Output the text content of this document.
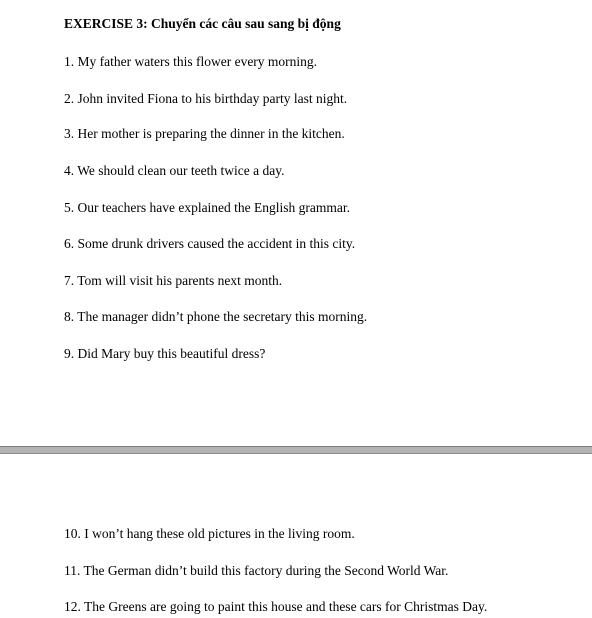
EXERCISE 3: Chuyển các câu sau sang bị động
1. My father waters this flower every morning.
2. John invited Fiona to his birthday party last night.
3. Her mother is preparing the dinner in the kitchen.
4. We should clean our teeth twice a day.
5. Our teachers have explained the English grammar.
6. Some drunk drivers caused the accident in this city.
7. Tom will visit his parents next month.
8. The manager didn’t phone the secretary this morning.
9. Did Mary buy this beautiful dress?
10. I won’t hang these old pictures in the living room.
11. The German didn’t build this factory during the Second World War.
12. The Greens are going to paint this house and these cars for Christmas Day.
